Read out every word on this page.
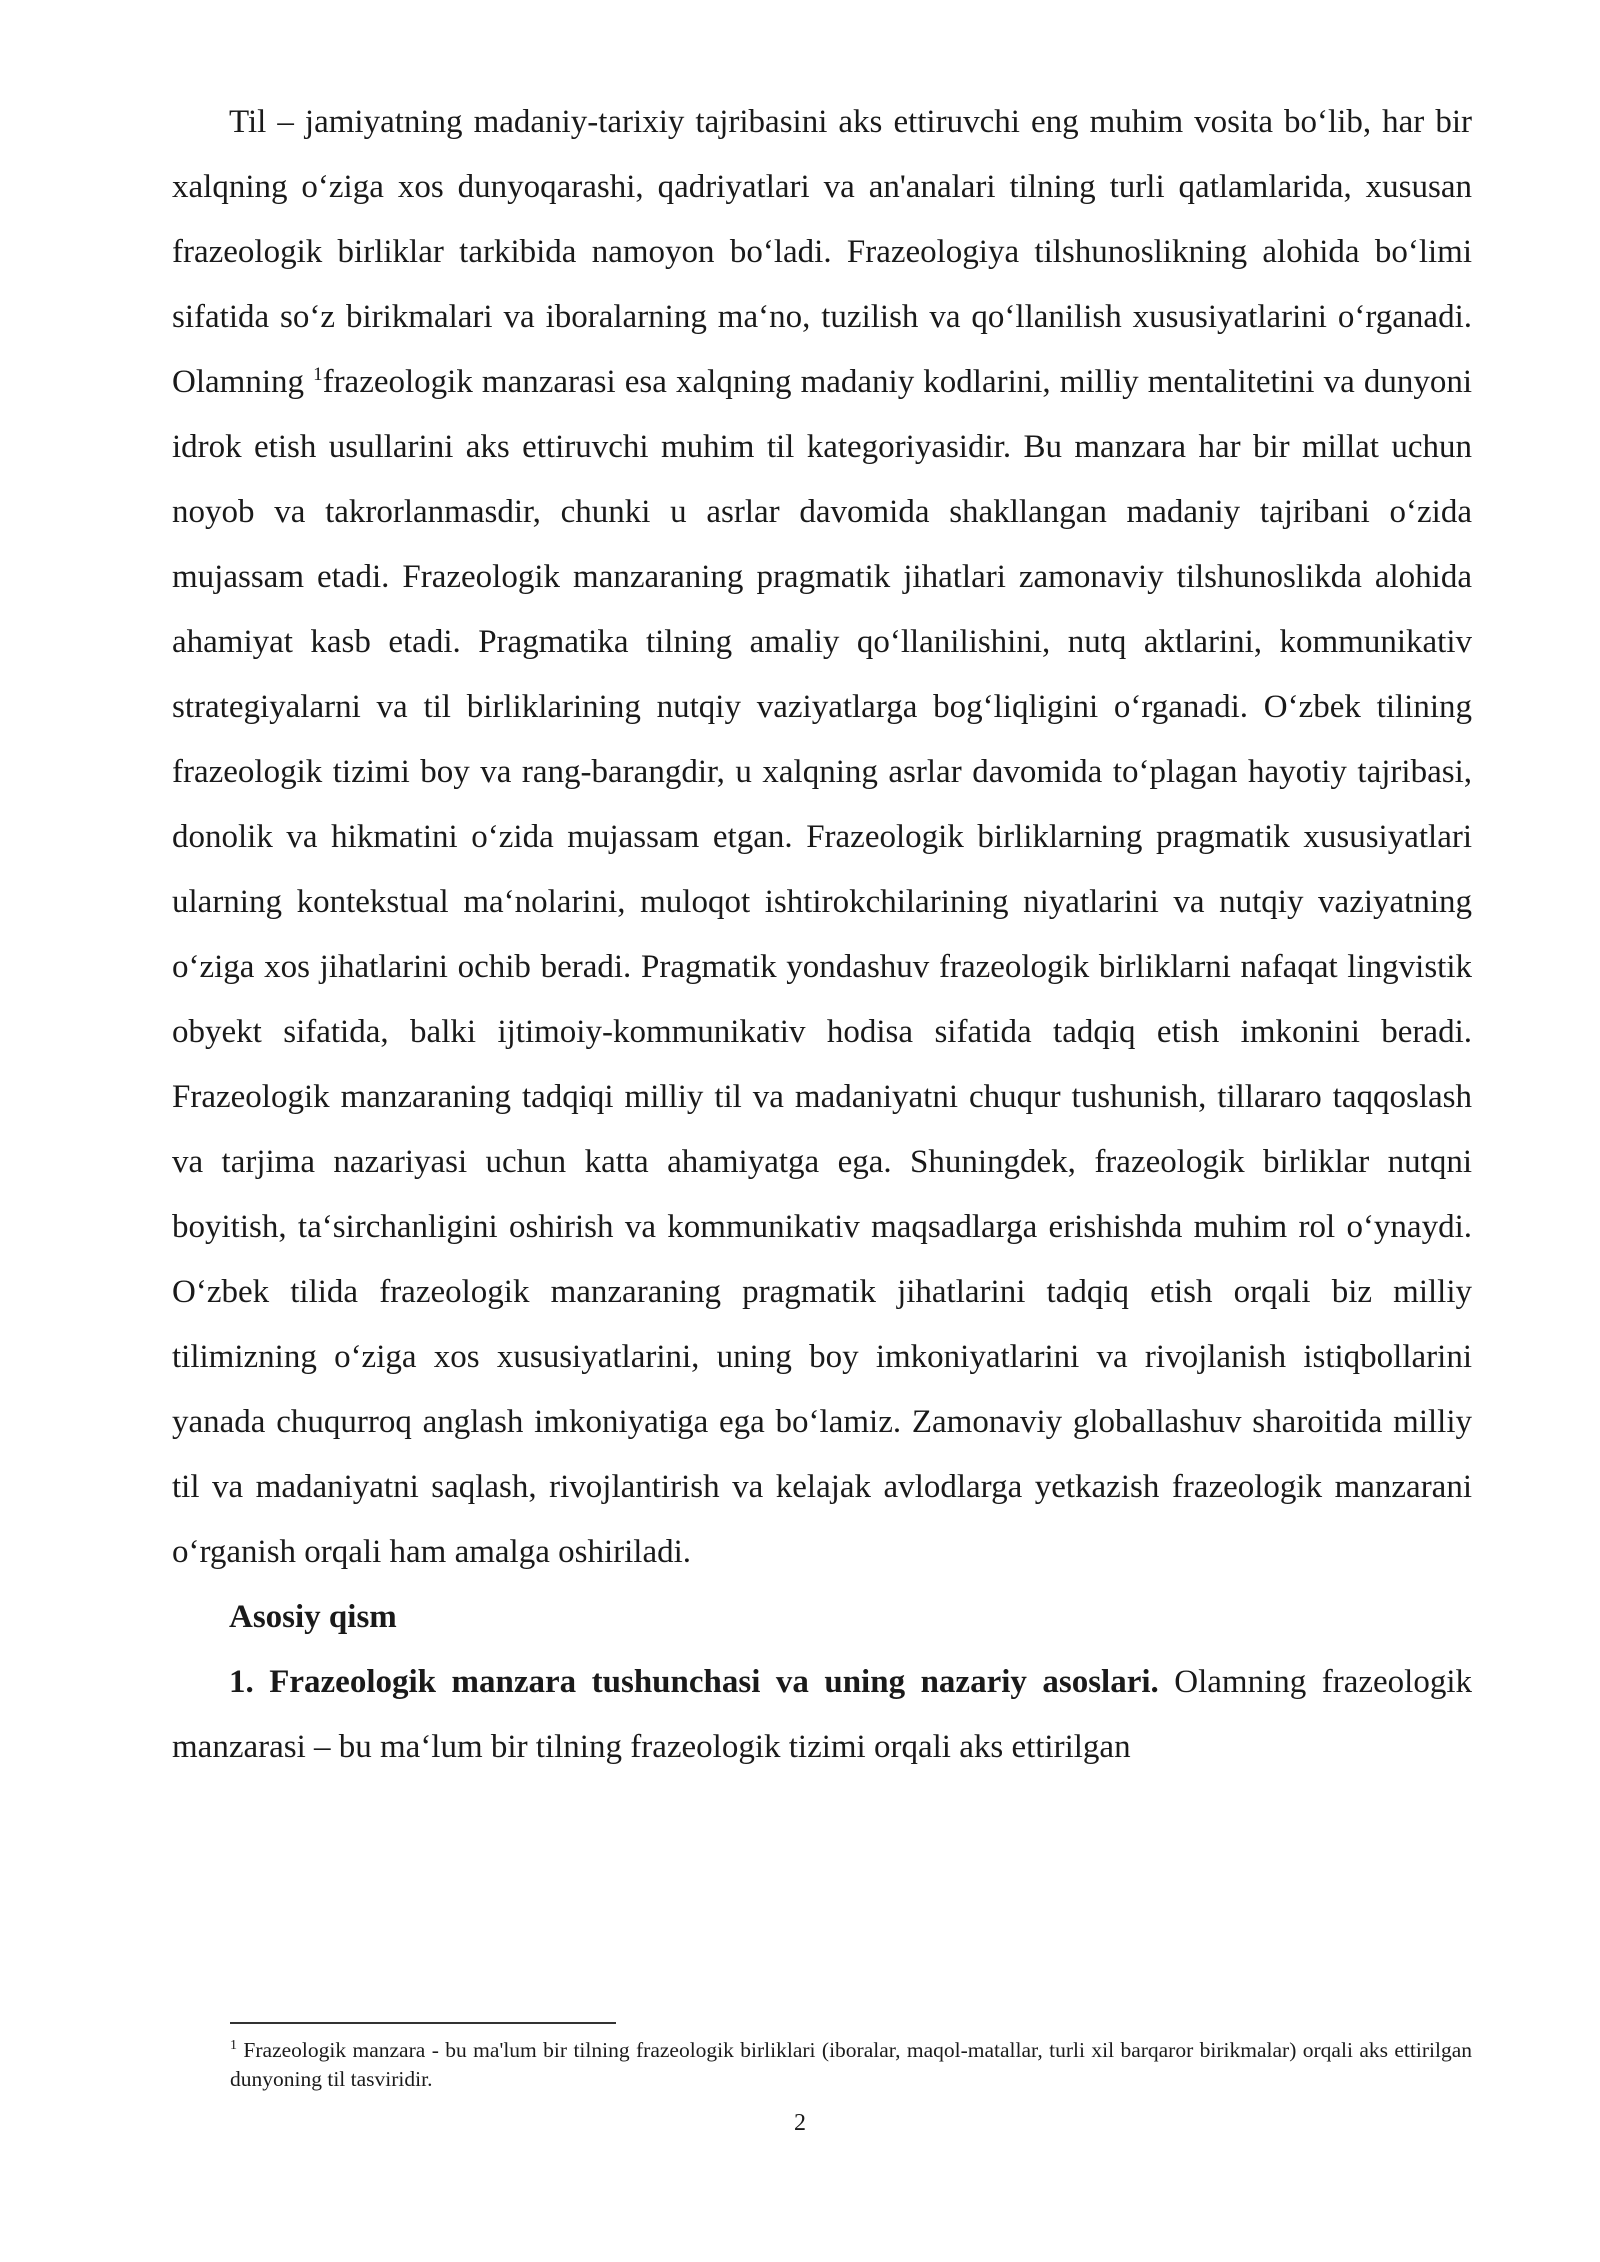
Til – jamiyatning madaniy-tarixiy tajribasini aks ettiruvchi eng muhim vosita bo‘lib, har bir xalqning o‘ziga xos dunyoqarashi, qadriyatlari va an'analari tilning turli qatlamlarida, xususan frazeologik birliklar tarkibida namoyon bo‘ladi. Frazeologiya tilshunoslikning alohida bo‘limi sifatida so‘z birikmalari va iboralarning ma‘no, tuzilish va qo‘llanilish xususiyatlarini o‘rganadi. Olamning $^1$frazeologik manzarasi esa xalqning madaniy kodlarini, milliy mentalitetini va dunyoni idrok etish usullarini aks ettiruvchi muhim til kategoriyasidir. Bu manzara har bir millat uchun noyob va takrorlanmasdir, chunki u asrlar davomida shakllangan madaniy tajribani o‘zida mujassam etadi. Frazeologik manzaraning pragmatik jihatlari zamonaviy tilshunoslikda alohida ahamiyat kasb etadi. Pragmatika tilning amaliy qo‘llanilishini, nutq aktlarini, kommunikativ strategiyalarni va til birliklarining nutqiy vaziyatlarga bog‘liqligini o‘rganadi. O‘zbek tilining frazeologik tizimi boy va rang-barangdir, u xalqning asrlar davomida to‘plagan hayotiy tajribasi, donolik va hikmatini o‘zida mujassam etgan. Frazeologik birliklarning pragmatik xususiyatlari ularning kontekstual ma‘nolarini, muloqot ishtirokchilarining niyatlarini va nutqiy vaziyatning o‘ziga xos jihatlarini ochib beradi. Pragmatik yondashuv frazeologik birliklarni nafaqat lingvistik obyekt sifatida, balki ijtimoiy-kommunikativ hodisa sifatida tadqiq etish imkonini beradi. Frazeologik manzaraning tadqiqi milliy til va madaniyatni chuqur tushunish, tillararo taqqoslash va tarjima nazariyasi uchun katta ahamiyatga ega. Shuningdek, frazeologik birliklar nutqni boyitish, ta‘sirchanligini oshirish va kommunikativ maqsadlarga erishishda muhim rol o‘ynaydi. O‘zbek tilida frazeologik manzaraning pragmatik jihatlarini tadqiq etish orqali biz milliy tilimizning o‘ziga xos xususiyatlarini, uning boy imkoniyatlarini va rivojlanish istiqbollarini yanada chuqurroq anglash imkoniyatiga ega bo‘lamiz. Zamonaviy globallashuv sharoitida milliy til va madaniyatni saqlash, rivojlantirish va kelajak avlodlarga yetkazish frazeologik manzarani o‘rganish orqali ham amalga oshiriladi.

Asosiy qism

1. Frazeologik manzara tushunchasi va uning nazariy asoslari. Olamning frazeologik manzarasi – bu ma‘lum bir tilning frazeologik tizimi orqali aks ettirilgan

$^1$ Frazeologik manzara - bu ma'lum bir tilning frazeologik birliklari (iboralar, maqol-matallar, turli xil barqaror birikmalar) orqali aks ettirilgan dunyoning til tasviridir.

2
